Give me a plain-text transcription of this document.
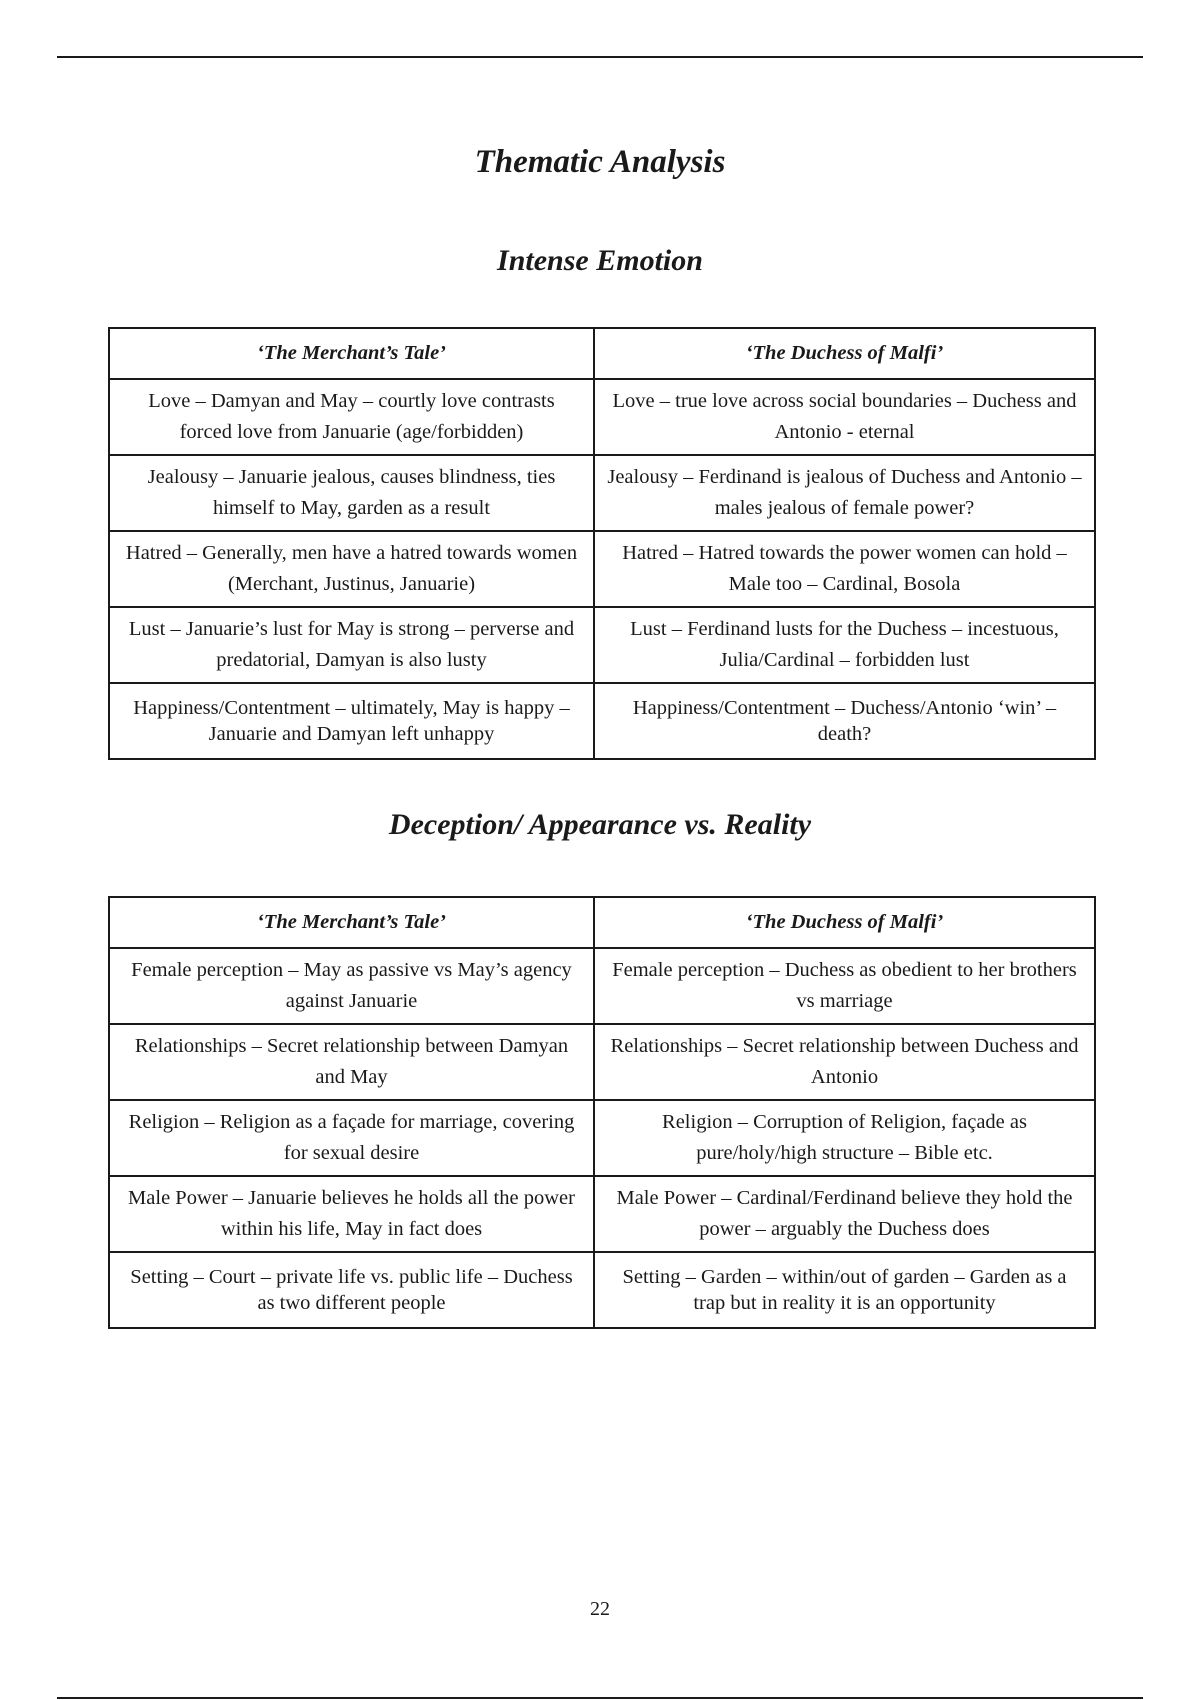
Thematic Analysis
Intense Emotion
‘The Merchant’s Tale’	‘The Duchess of Malfi’
Love – Damyan and May – courtly love contrasts forced love from Januarie (age/forbidden)	Love – true love across social boundaries – Duchess and Antonio - eternal
Jealousy – Januarie jealous, causes blindness, ties himself to May, garden as a result	Jealousy – Ferdinand is jealous of Duchess and Antonio – males jealous of female power?
Hatred – Generally, men have a hatred towards women (Merchant, Justinus, Januarie)	Hatred – Hatred towards the power women can hold – Male too – Cardinal, Bosola
Lust – Januarie’s lust for May is strong – perverse and predatorial, Damyan is also lusty	Lust – Ferdinand lusts for the Duchess – incestuous, Julia/Cardinal – forbidden lust
Happiness/Contentment – ultimately, May is happy – Januarie and Damyan left unhappy	Happiness/Contentment – Duchess/Antonio ‘win’ – death?
Deception/ Appearance vs. Reality
‘The Merchant’s Tale’	‘The Duchess of Malfi’
Female perception – May as passive vs May’s agency against Januarie	Female perception – Duchess as obedient to her brothers vs marriage
Relationships – Secret relationship between Damyan and May	Relationships – Secret relationship between Duchess and Antonio
Religion – Religion as a façade for marriage, covering for sexual desire	Religion – Corruption of Religion, façade as pure/holy/high structure – Bible etc.
Male Power – Januarie believes he holds all the power within his life, May in fact does	Male Power – Cardinal/Ferdinand believe they hold the power – arguably the Duchess does
Setting – Court – private life vs. public life – Duchess as two different people	Setting – Garden – within/out of garden – Garden as a trap but in reality it is an opportunity
22
